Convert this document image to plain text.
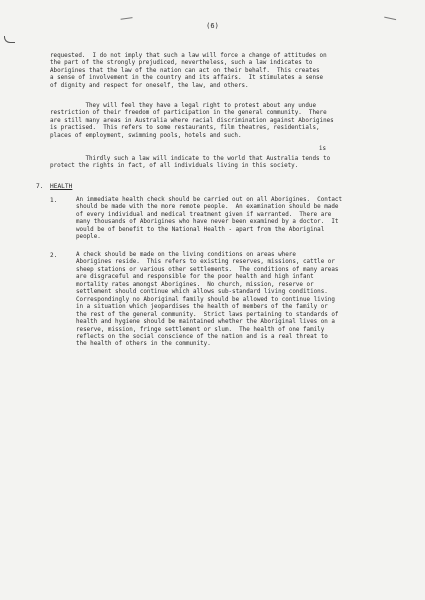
(6)
requested.  I do not imply that such a law will force a change of attitudes on
the part of the strongly prejudiced, nevertheless, such a law indicates to
Aborigines that the law of the nation can act on their behalf.  This creates
a sense of involvement in the country and its affairs.  It stimulates a sense
of dignity and respect for oneself, the law, and others.
They will feel they have a legal right to protest about any undue
restriction of their freedom of participation in the general community.  There
are still many areas in Australia where racial discrimination against Aborigines
is practised.  This refers to some restaurants, film theatres, residentials,
places of employment, swimming pools, hotels and such.
is
Thirdly such a law will indicate to the world that Australia tends to
protect the rights in fact, of all individuals living in this society.
7. HEALTH
1.	An immediate health check should be carried out on all Aborigines.  Contact
should be made with the more remote people.  An examination should be made
of every individual and medical treatment given if warranted.  There are
many thousands of Aborigines who have never been examined by a doctor.  It
would be of benefit to the National Health - apart from the Aboriginal
people.
2.	A check should be made on the living conditions on areas where
Aborigines reside.  This refers to existing reserves, missions, cattle or
sheep stations or various other settlements.  The conditions of many areas
are disgraceful and responsible for the poor health and high infant
mortality rates amongst Aborigines.  No church, mission, reserve or
settlement should continue which allows sub-standard living conditions.
Correspondingly no Aboriginal family should be allowed to continue living
in a situation which jeopardises the health of members of the family or
the rest of the general community.  Strict laws pertaining to standards of
health and hygiene should be maintained whether the Aboriginal lives on a
reserve, mission, fringe settlement or slum.  The health of one family
reflects on the social conscience of the nation and is a real threat to
the health of others in the community.
